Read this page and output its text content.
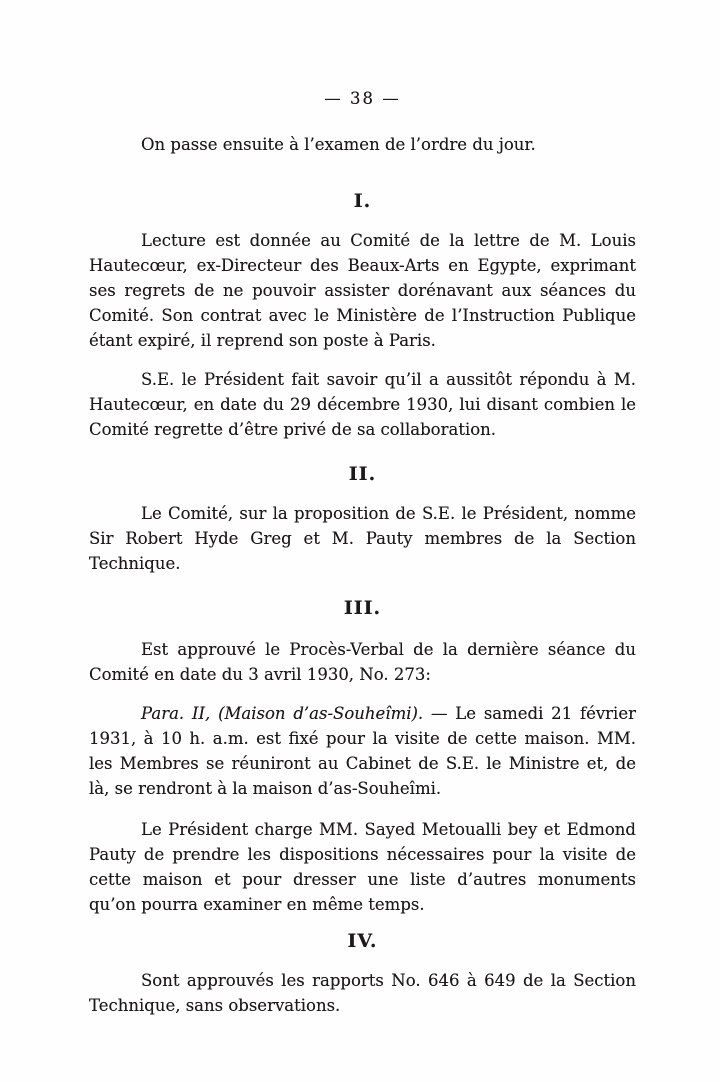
— 38 —

On passe ensuite à l’examen de l’ordre du jour.

I.

Lecture est donnée au Comité de la lettre de M. Louis Hautecœur, ex-Directeur des Beaux-Arts en Egypte, exprimant ses regrets de ne pouvoir assister dorénavant aux séances du Comité. Son contrat avec le Ministère de l’Instruction Publique étant expiré, il reprend son poste à Paris.

S.E. le Président fait savoir qu’il a aussitôt répondu à M. Hautecœur, en date du 29 décembre 1930, lui disant combien le Comité regrette d’être privé de sa collaboration.

II.

Le Comité, sur la proposition de S.E. le Président, nomme Sir Robert Hyde Greg et M. Pauty membres de la Section Technique.

III.

Est approuvé le Procès-Verbal de la dernière séance du Comité en date du 3 avril 1930, No. 273:

Para. II, (Maison d’as-Souheîmi). — Le samedi 21 février 1931, à 10 h. a.m. est fixé pour la visite de cette maison. MM. les Membres se réuniront au Cabinet de S.E. le Ministre et, de là, se rendront à la maison d’as-Souheîmi.

Le Président charge MM. Sayed Metoualli bey et Edmond Pauty de prendre les dispositions nécessaires pour la visite de cette maison et pour dresser une liste d’autres monuments qu’on pourra examiner en même temps.

IV.

Sont approuvés les rapports No. 646 à 649 de la Section Technique, sans observations.
